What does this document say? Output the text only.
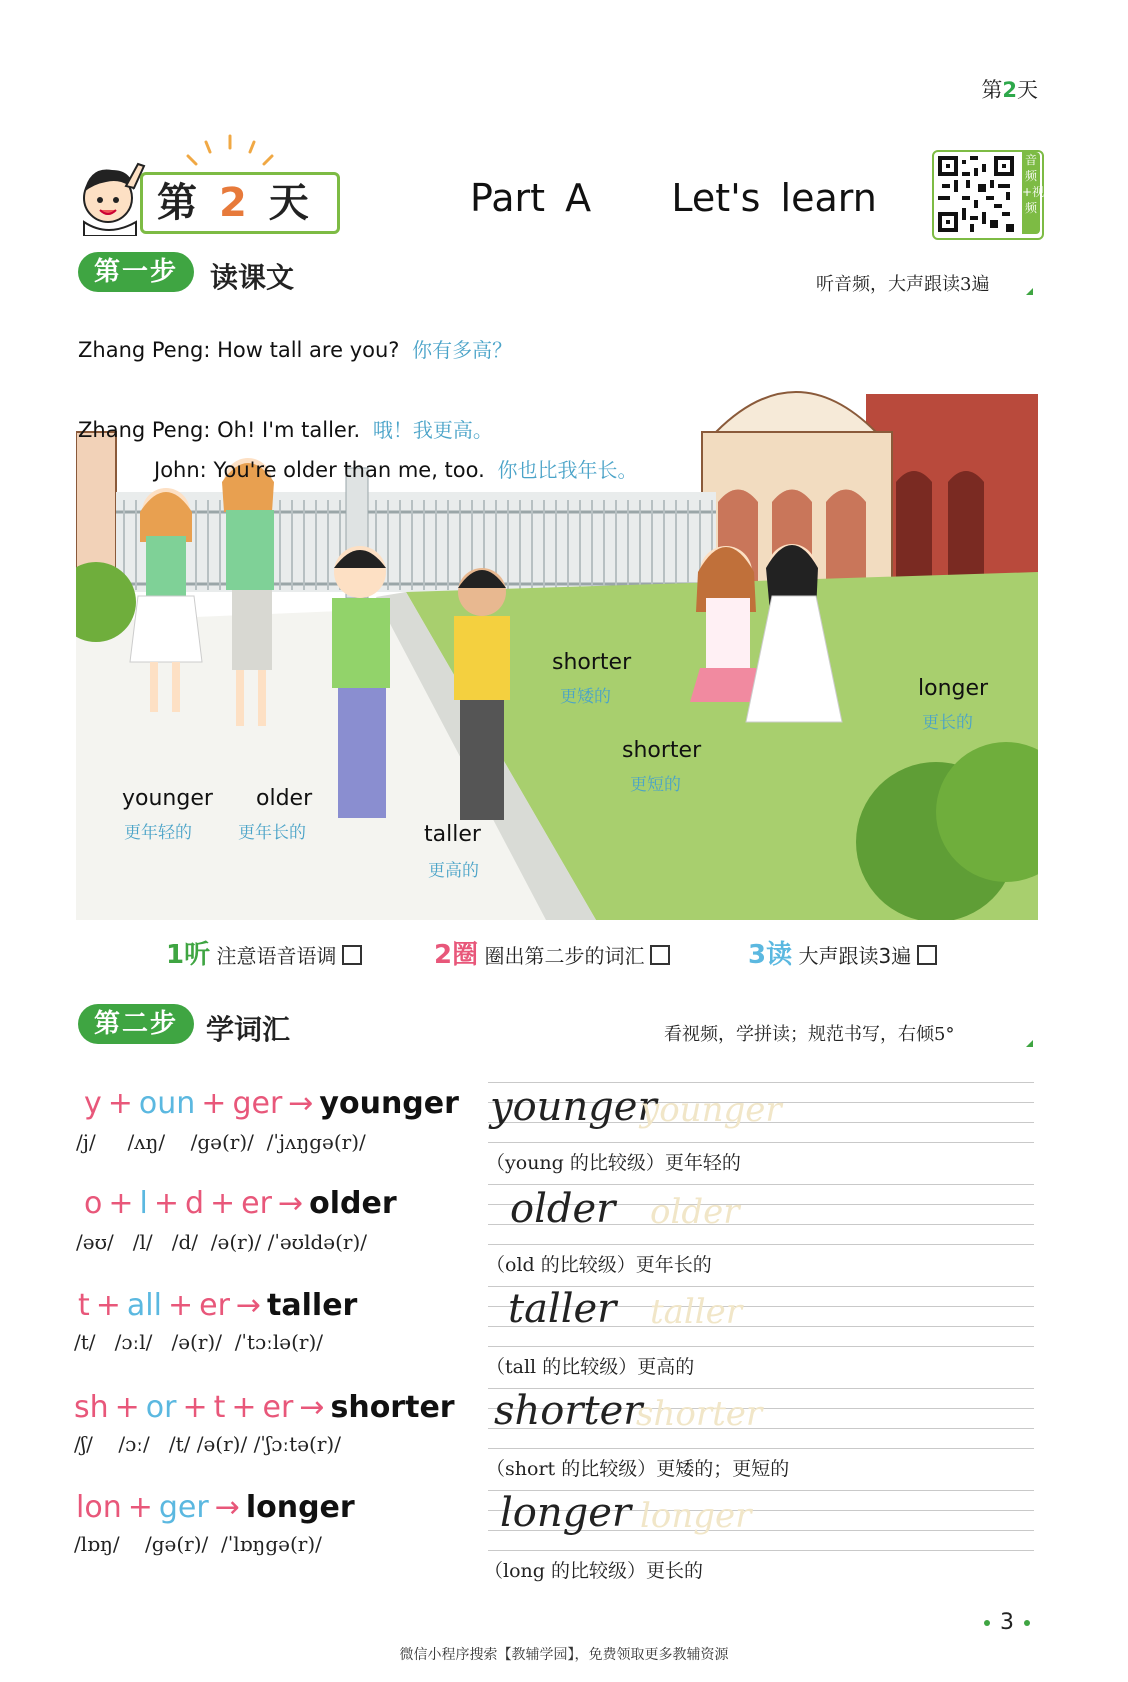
第2天
第 2 天	Part A Let's learn
音频+视频
第一步	读课文	听音频，大声跟读3遍
Zhang Peng: How tall are you? 你有多高？
Zhang Peng: Oh! I'm taller. 哦！我更高。
John: You're older than me, too. 你也比我年长。
younger
更年轻的
older
更年长的	taller
更高的
shorter
更矮的
shorter
更短的
longer
更长的
1听 注意语音语调	2圈 圈出第二步的词汇	3读 大声跟读3遍
第二步 学词汇	看视频，学拼读；规范书写，右倾5°
y + oun + ger → younger
/j/ /ʌŋ/ /gə(r)/ /ˈjʌŋgə(r)/
younger
younger
（young 的比较级）更年轻的
o + l + d + er → older
/əʊ/ /l/ /d/ /ə(r)/ /ˈəʊldə(r)/
older older
（old 的比较级）更年长的
t + all + er → taller
/t/ /ɔːl/ /ə(r)/ /ˈtɔːlə(r)/
taller taller
（tall 的比较级）更高的
sh + or + t + er → shorter
/ʃ/ /ɔː/ /t/ /ə(r)/ /ˈʃɔːtə(r)/
shorter
shorter
（short 的比较级）更矮的；更短的
lon + ger → longer
/lɒŋ/ /gə(r)/ /ˈlɒŋgə(r)/
longer longer
（long 的比较级）更长的
3
微信小程序搜索【教辅学园】，免费领取更多教辅资源
